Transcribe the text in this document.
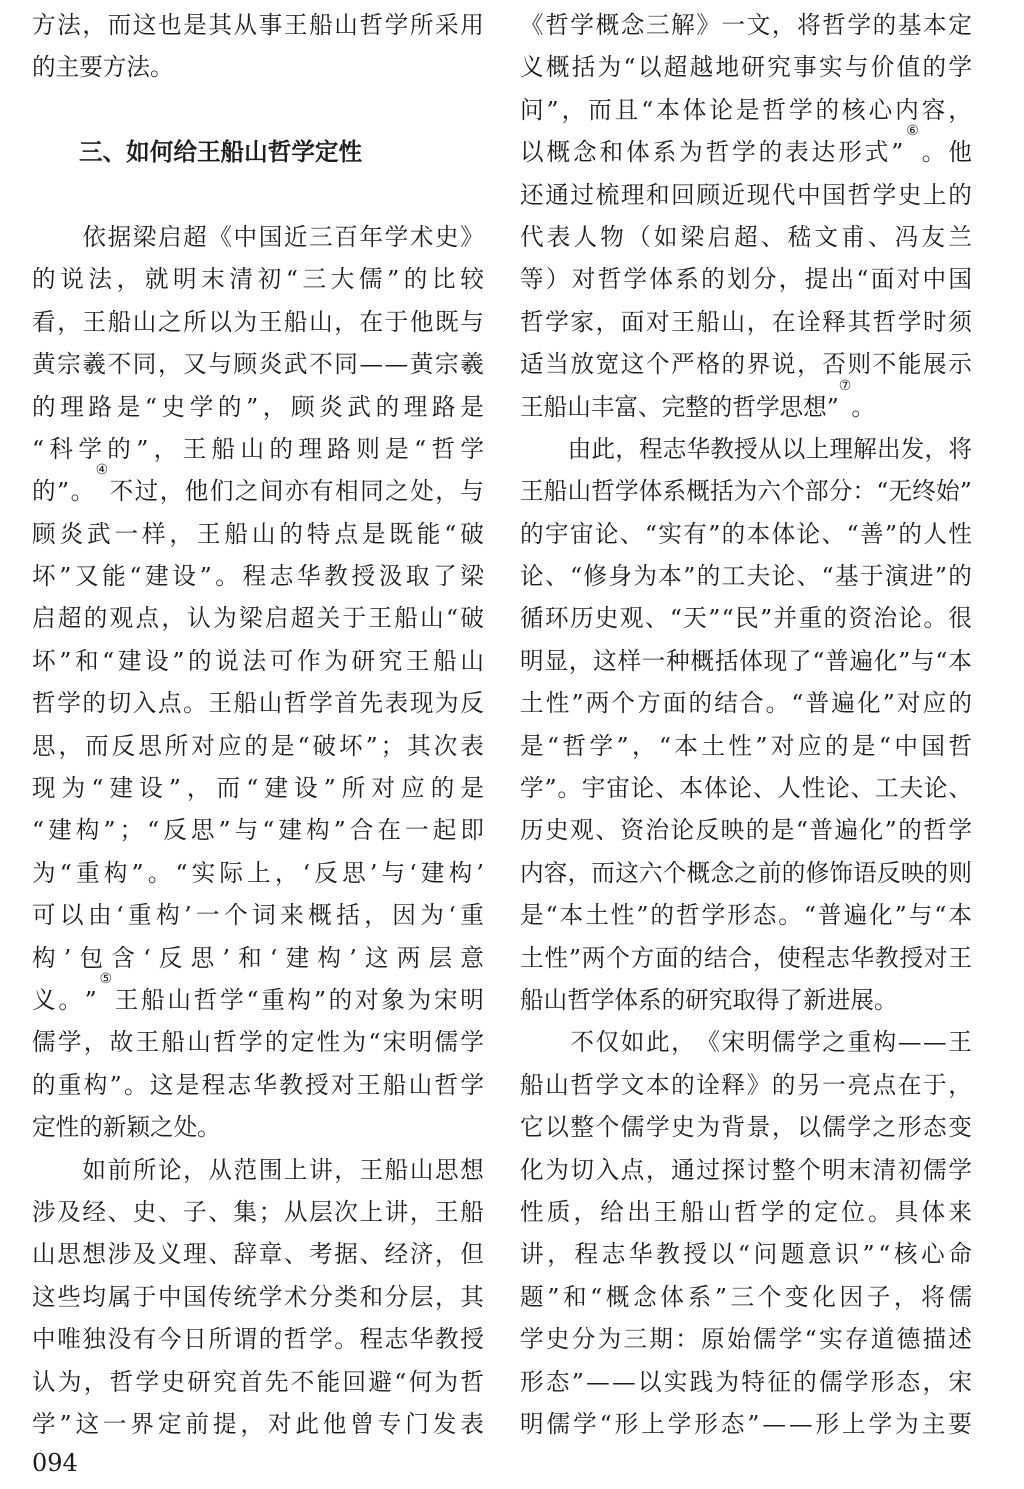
方 法 ， 而 这 也 是 其 从 事 王 船 山 哲 学 所 采 用
的 主 要 方 法 。
三、如何给王船山哲学定性

依 据 梁 启 超 《 中 国 近 三 百 年 学 术 史 》
的 说 法 ， 就 明 末 清 初 “ 三 大 儒 ” 的 比 较
看 ， 王 船 山 之 所 以 为 王 船 山 ， 在 于 他 既 与
黄 宗 羲 不 同 ， 又 与 顾 炎 武 不 同 — — 黄 宗 羲
的 理 路 是 “ 史 学 的 ” ， 顾 炎 武 的 理 路 是
“ 科 学 的 ” ， 王 船 山 的 理 路 则 是 “ 哲 学
的 ” 。
④
不 过 ， 他 们 之 间 亦 有 相 同 之 处 ， 与
顾 炎 武 一 样 ， 王 船 山 的 特 点 是 既 能 “ 破
坏 ” 又 能 “ 建 设 ” 。 程 志 华 教 授 汲 取 了 梁
启 超 的 观 点 ， 认 为 梁 启 超 关 于 王 船 山 “ 破
坏 ” 和 “ 建 设 ” 的 说 法 可 作 为 研 究 王 船 山
哲 学 的 切 入 点 。 王 船 山 哲 学 首 先 表 现 为 反
思 ， 而 反 思 所 对 应 的 是 “ 破 坏 ” ； 其 次 表
现 为 “ 建 设 ” ， 而 “ 建 设 ” 所 对 应 的 是
“ 建 构 ” ； “ 反 思 ” 与 “ 建 构 ” 合 在 一 起 即
为 “ 重 构 ” 。 “ 实 际 上 ， ‘ 反 思 ’ 与 ‘ 建 构 ’
可 以 由 ‘ 重 构 ’ 一 个 词 来 概 括 ， 因 为 ‘ 重
构 ’ 包 含 ‘ 反 思 ’ 和 ‘ 建 构 ’ 这 两 层 意
义 。 ”
⑤
王 船 山 哲 学 “ 重 构 ” 的 对 象 为 宋 明
儒 学 ， 故 王 船 山 哲 学 的 定 性 为 “ 宋 明 儒 学
的 重 构 ” 。 这 是 程 志 华 教 授 对 王 船 山 哲 学
定 性 的 新 颖 之 处 。

如 前 所 论 ， 从 范 围 上 讲 ， 王 船 山 思 想
涉 及 经 、 史 、 子 、 集 ； 从 层 次 上 讲 ， 王 船
山 思 想 涉 及 义 理 、 辞 章 、 考 据 、 经 济 ， 但
这 些 均 属 于 中 国 传 统 学 术 分 类 和 分 层 ， 其
中 唯 独 没 有 今 日 所 谓 的 哲 学 。 程 志 华 教 授
认 为 ， 哲 学 史 研 究 首 先 不 能 回 避 “ 何 为 哲
学 ” 这 一 界 定 前 提 ， 对 此 他 曾 专 门 发 表
《 哲 学 概 念 三 解 》 一 文 ， 将 哲 学 的 基 本 定
义 概 括 为 “ 以 超 越 地 研 究 事 实 与 价 值 的 学
问 ” ， 而 且 “ 本 体 论 是 哲 学 的 核 心 内 容 ，
以 概 念 和 体 系 为 哲 学 的 表 达 形 式 ”
⑥
。 他
还 通 过 梳 理 和 回 顾 近 现 代 中 国 哲 学 史 上 的
代 表 人 物 （ 如 梁 启 超 、 嵇 文 甫 、 冯 友 兰
等 ） 对 哲 学 体 系 的 划 分 ， 提 出 “ 面 对 中 国
哲 学 家 ， 面 对 王 船 山 ， 在 诠 释 其 哲 学 时 须
适 当 放 宽 这 个 严 格 的 界 说 ， 否 则 不 能 展 示
王 船 山 丰 富 、 完 整 的 哲 学 思 想 ”
⑦
。

由 此 ， 程 志 华 教 授 从 以 上 理 解 出 发 ， 将
王 船 山 哲 学 体 系 概 括 为 六 个 部 分 ： “ 无 终 始 ”
的 宇 宙 论 、 “ 实 有 ” 的 本 体 论 、 “ 善 ” 的 人 性
论 、 “ 修 身 为 本 ” 的 工 夫 论 、 “ 基 于 演 进 ” 的
循 环 历 史 观 、 “ 天 ” “ 民 ” 并 重 的 资 治 论 。 很
明 显 ， 这 样 一 种 概 括 体 现 了 “ 普 遍 化 ” 与 “ 本
土 性 ” 两 个 方 面 的 结 合 。 “ 普 遍 化 ” 对 应 的
是 “ 哲 学 ” ， “ 本 土 性 ” 对 应 的 是 “ 中 国 哲
学 ” 。 宇 宙 论 、 本 体 论 、 人 性 论 、 工 夫 论 、
历 史 观 、 资 治 论 反 映 的 是 “ 普 遍 化 ” 的 哲 学
内 容 ， 而 这 六 个 概 念 之 前 的 修 饰 语 反 映 的 则
是 “ 本 土 性 ” 的 哲 学 形 态 。 “ 普 遍 化 ” 与 “ 本
土 性 ” 两 个 方 面 的 结 合 ， 使 程 志 华 教 授 对 王
船 山 哲 学 体 系 的 研 究 取 得 了 新 进 展 。

不 仅 如 此 ， 《 宋 明 儒 学 之 重 构 — — 王
船 山 哲 学 文 本 的 诠 释 》 的 另 一 亮 点 在 于 ，
它 以 整 个 儒 学 史 为 背 景 ， 以 儒 学 之 形 态 变
化 为 切 入 点 ， 通 过 探 讨 整 个 明 末 清 初 儒 学
性 质 ， 给 出 王 船 山 哲 学 的 定 位 。 具 体 来
讲 ， 程 志 华 教 授 以 “ 问 题 意 识 ” “ 核 心 命
题 ” 和 “ 概 念 体 系 ” 三 个 变 化 因 子 ， 将 儒
学 史 分 为 三 期 ： 原 始 儒 学 “ 实 存 道 德 描 述
形 态 ” — — 以 实 践 为 特 征 的 儒 学 形 态 ， 宋
明 儒 学 “ 形 上 学 形 态 ” — — 形 上 学 为 主 要
094
